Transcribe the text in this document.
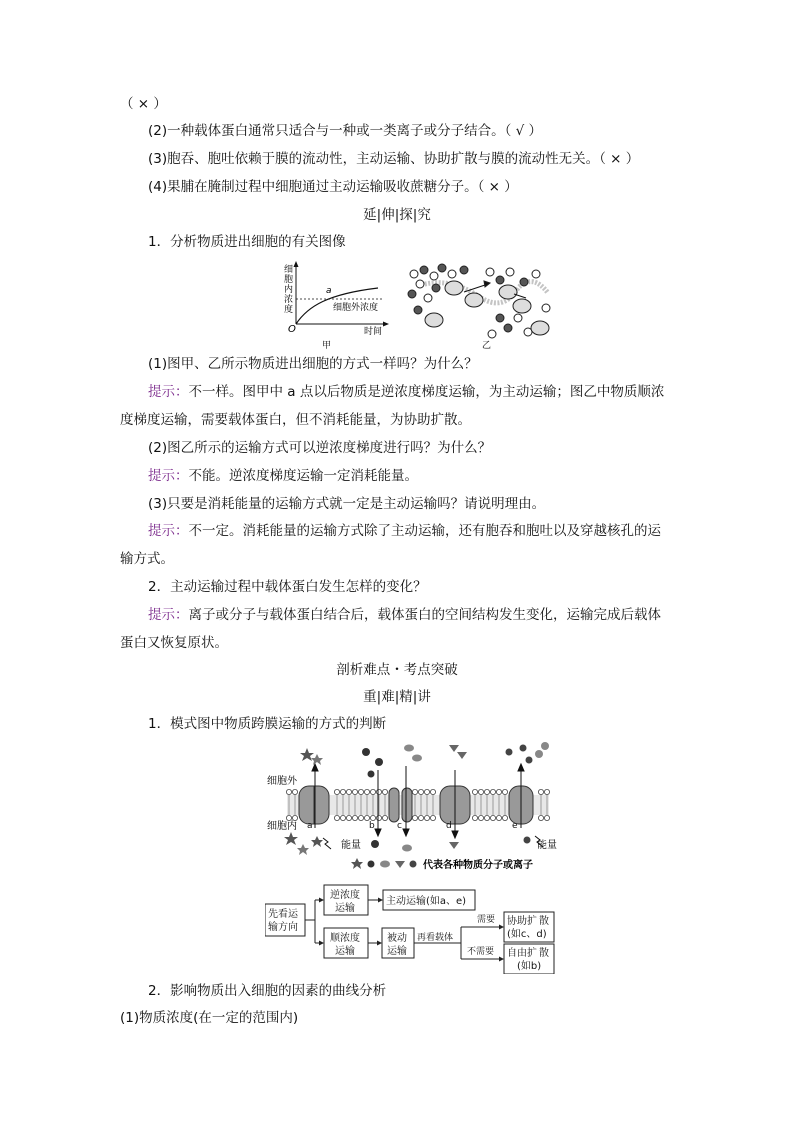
（ × ）
(2)一种载体蛋白通常只适合与一种或一类离子或分子结合。（ √ ）
(3)胞吞、胞吐依赖于膜的流动性，主动运输、协助扩散与膜的流动性无关。（ × ）
(4)果脯在腌制过程中细胞通过主动运输吸收蔗糖分子。（ × ）
延|伸|探|究
1．分析物质进出细胞的有关图像
细
胞
内
浓
度
a
细胞外浓度
O	时间
甲	乙
(1)图甲、乙所示物质进出细胞的方式一样吗？为什么？
提示：不一样。图甲中 a 点以后物质是逆浓度梯度运输，为主动运输；图乙中物质顺浓
度梯度运输，需要载体蛋白，但不消耗能量，为协助扩散。
(2)图乙所示的运输方式可以逆浓度梯度进行吗？为什么？
提示：不能。逆浓度梯度运输一定消耗能量。
(3)只要是消耗能量的运输方式就一定是主动运输吗？请说明理由。
提示：不一定。消耗能量的运输方式除了主动运输，还有胞吞和胞吐以及穿越核孔的运
输方式。
2．主动运输过程中载体蛋白发生怎样的变化？
提示：离子或分子与载体蛋白结合后，载体蛋白的空间结构发生变化，运输完成后载体
蛋白又恢复原状。
剖析难点・考点突破
重|难|精|讲
1．模式图中物质跨膜运输的方式的判断
细胞外
细胞内 a	b c	d	e
能量	能量
代表各种物质分子或离子
先看运
输方向
逆浓度
运输
主动运输(如a、e)
顺浓度
运输
被动
运输
再看载体
需要
不需要
协助扩 散
(如c、d)
自由扩 散
(如b)
2．影响物质出入细胞的因素的曲线分析
(1)物质浓度(在一定的范围内)
